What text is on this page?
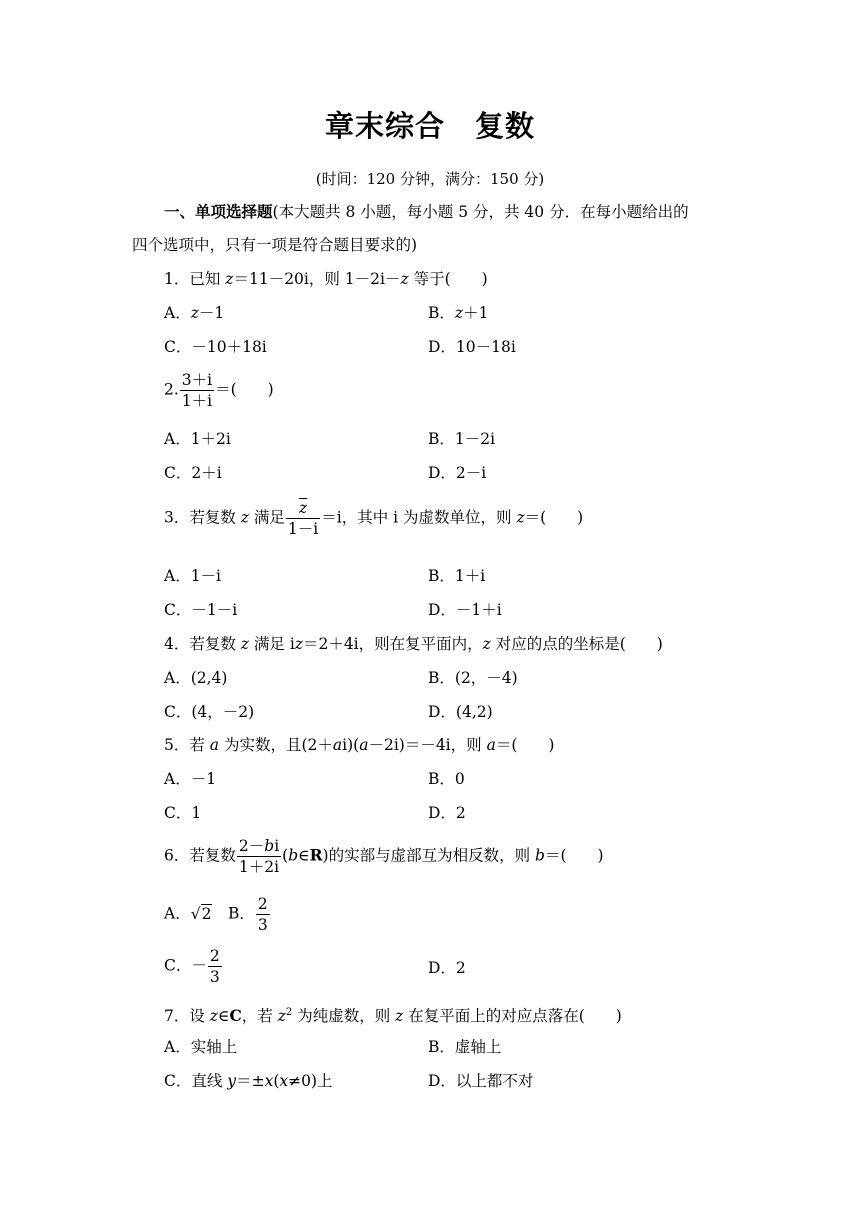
章末综合　复数
(时间：120 分钟，满分：150 分)
一、单项选择题(本大题共 8 小题，每小题 5 分，共 40 分．在每小题给出的
四个选项中，只有一项是符合题目要求的)
1．已知 z＝11－20i，则 1－2i－z 等于(　　)
A．z－1	B．z＋1
C．－10＋18i	D．10－18i
2. $\frac{3+i}{1+i}$ ＝(　　)
A．1＋2i	B．1－2i
C．2＋i	D．2－i
3．若复数 z 满足 $\frac{\overline{z}}{1-i} =i$，其中 i 为虚数单位，则 z＝(　　)
A．1－i	B．1＋i
C．－1－i	D．－1＋i
4．若复数 z 满足 iz＝2＋4i，则在复平面内，z 对应的点的坐标是(　　)
A．(2,4)	B．(2，－4)
C．(4，－2)	D．(4,2)
5．若 a 为实数，且(2＋ai)(a－2i)＝－4i，则 a＝(　　)
A．－1	B．0
C．1	D．2
6．若复数 $\frac{2-bi}{1+2i}$ (b∈R)的实部与虚部互为相反数，则 b＝(　　)
A．√2  B． $\frac{2}{3}$
C．－ $\frac{2}{3}$	D．2
7．设 z∈C，若 $z^2$ 为纯虚数，则 z 在复平面上的对应点落在(　　)
A．实轴上	B．虚轴上
C．直线 y＝±x(x≠0)上	D．以上都不对
